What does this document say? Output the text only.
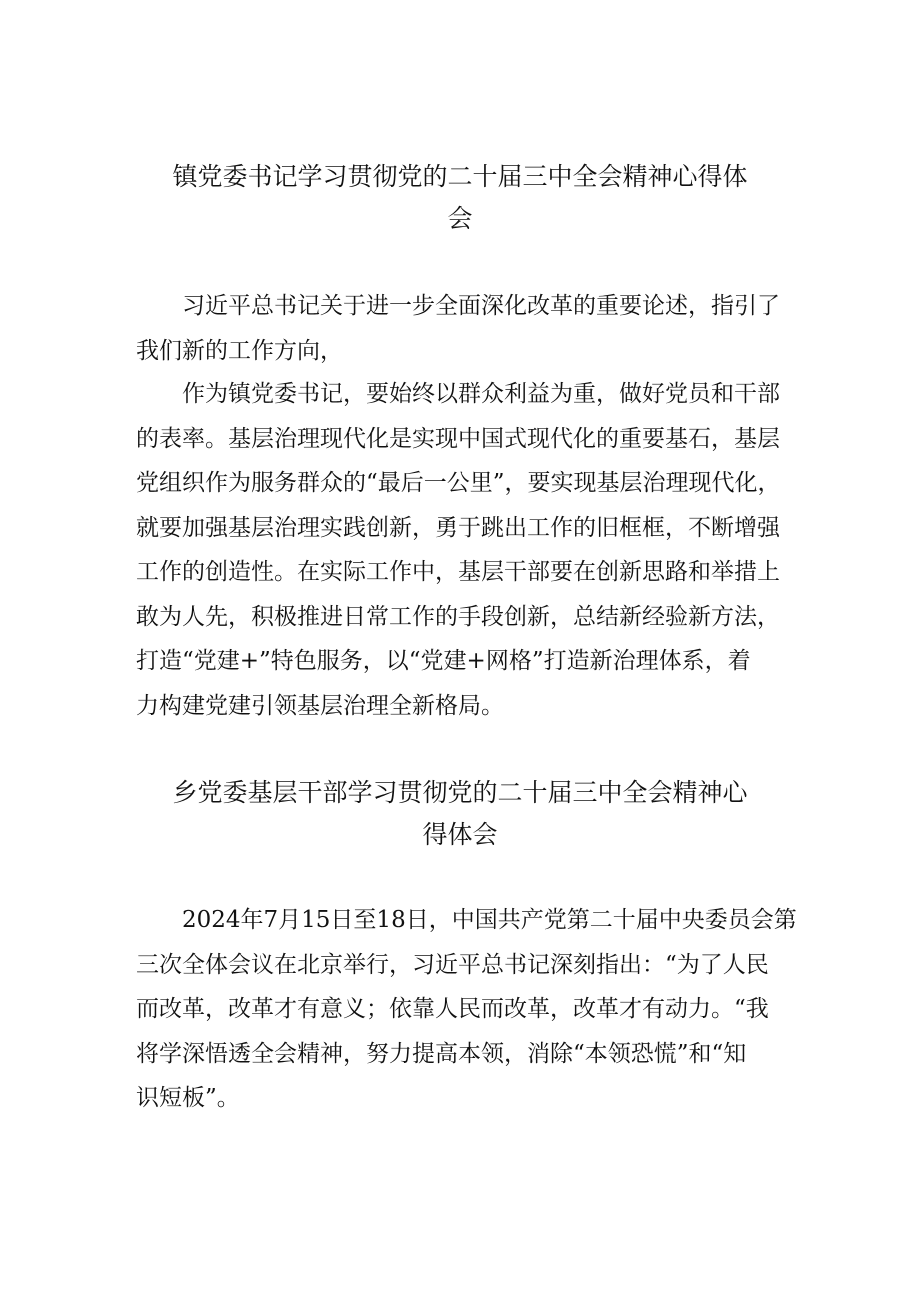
镇党委书记学习贯彻党的二十届三中全会精神心得体
会
习近平总书记关于进一步全面深化改革的重要论述，指引了
我们新的工作方向，
作为镇党委书记，要始终以群众利益为重，做好党员和干部
的表率。基层治理现代化是实现中国式现代化的重要基石，基层
党组织作为服务群众的“最后一公里”，要实现基层治理现代化，
就要加强基层治理实践创新，勇于跳出工作的旧框框，不断增强
工作的创造性。在实际工作中，基层干部要在创新思路和举措上
敢为人先，积极推进日常工作的手段创新，总结新经验新方法，
打造“党建+”特色服务，以“党建+网格”打造新治理体系，着
力构建党建引领基层治理全新格局。
乡党委基层干部学习贯彻党的二十届三中全会精神心
得体会
2024年7月15日至18日，中国共产党第二十届中央委员会第
三次全体会议在北京举行，习近平总书记深刻指出：“为了人民
而改革，改革才有意义；依靠人民而改革，改革才有动力。“我
将学深悟透全会精神，努力提高本领，消除“本领恐慌”和“知
识短板”。
